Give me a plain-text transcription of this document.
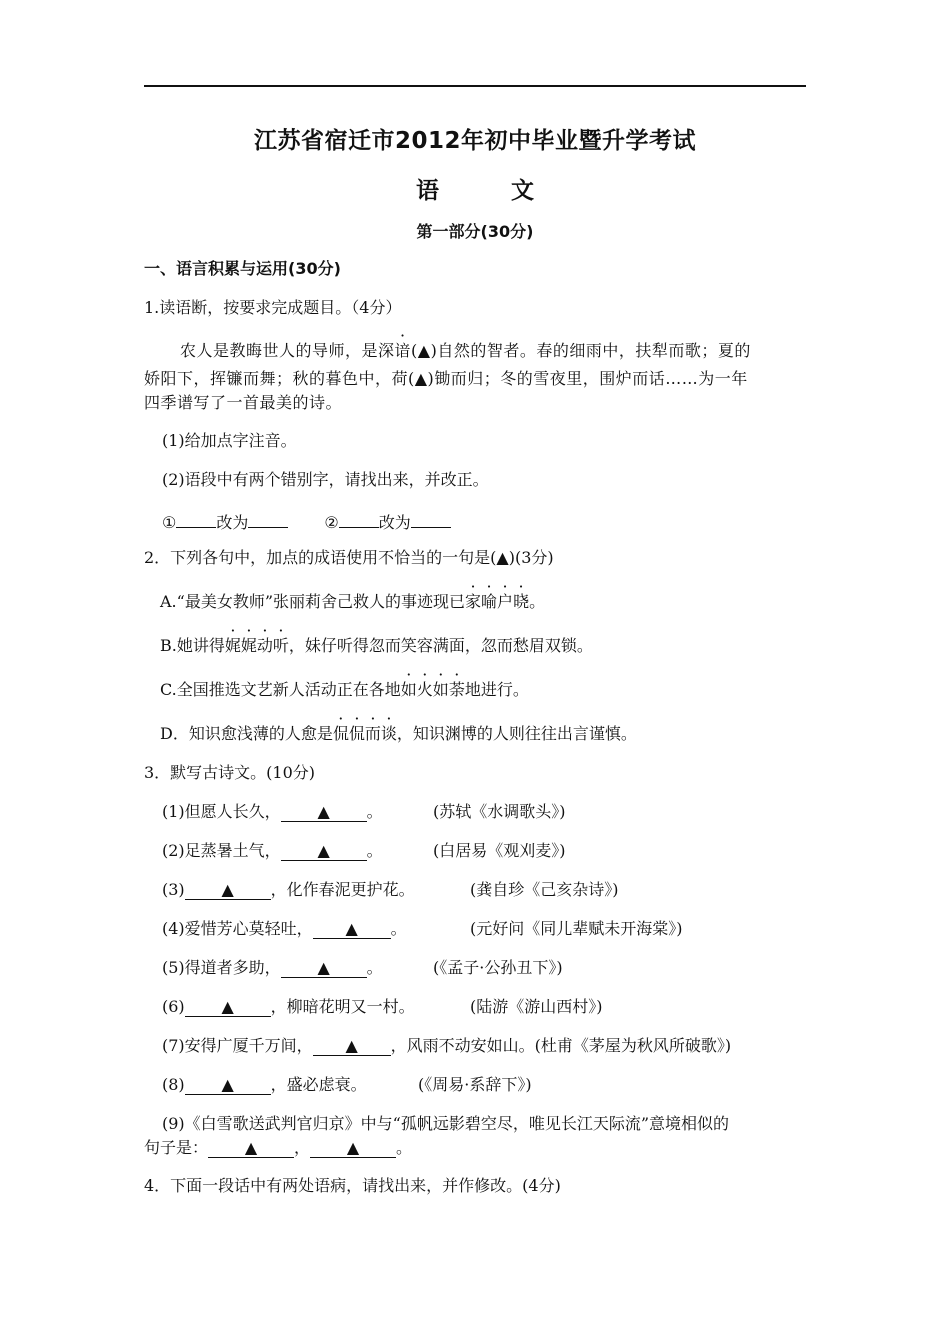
江苏省宿迁市2012年初中毕业暨升学考试
语	文
第一部分(30分)
一、语言积累与运用(30分)
1.读语断，按要求完成题目。（4分）
农人是教晦世人的导师，是深谙(▲)自然的智者。春的细雨中，扶犁而歌；夏的
娇阳下，挥镰而舞；秋的暮色中，荷(▲)锄而归；冬的雪夜里，围炉而话……为一年
四季谱写了一首最美的诗。
(1)给加点字注音。
(2)语段中有两个错别字，请找出来，并改正。
①	改为	②	改为
2．下列各句中，加点的成语使用不恰当的一句是(▲)(3分)
A.“最美女教师”张丽莉舍己救人的事迹现已家喻户晓。
B.她讲得娓娓动听，妹仔听得忽而笑容满面，忽而愁眉双锁。
C.全国推选文艺新人活动正在各地如火如荼地进行。
D．知识愈浅薄的人愈是侃侃而谈，知识渊博的人则往往出言谨慎。
3．默写古诗文。(10分)
(1)但愿人长久， ▲ 。	(苏轼《水调歌头》)
(2)足蒸暑土气， ▲ 。	(白居易《观刈麦》)
(3) ▲ ，化作春泥更护花。	(龚自珍《己亥杂诗》)
(4)爱惜芳心莫轻吐， ▲ 。	(元好问《同儿辈赋未开海棠》)
(5)得道者多助， ▲ 。	(《孟子·公孙丑下》)
(6) ▲ ，柳暗花明又一村。	(陆游《游山西村》)
(7)安得广厦千万间， ▲ ，风雨不动安如山。(杜甫《茅屋为秋风所破歌》)
(8) ▲ ，盛必虑衰。	(《周易·系辞下》)
(9)《白雪歌送武判官归京》中与“孤帆远影碧空尽，唯见长江天际流”意境相似的
句子是： ▲ ， ▲ 。
4．下面一段话中有两处语病，请找出来，并作修改。(4分)
